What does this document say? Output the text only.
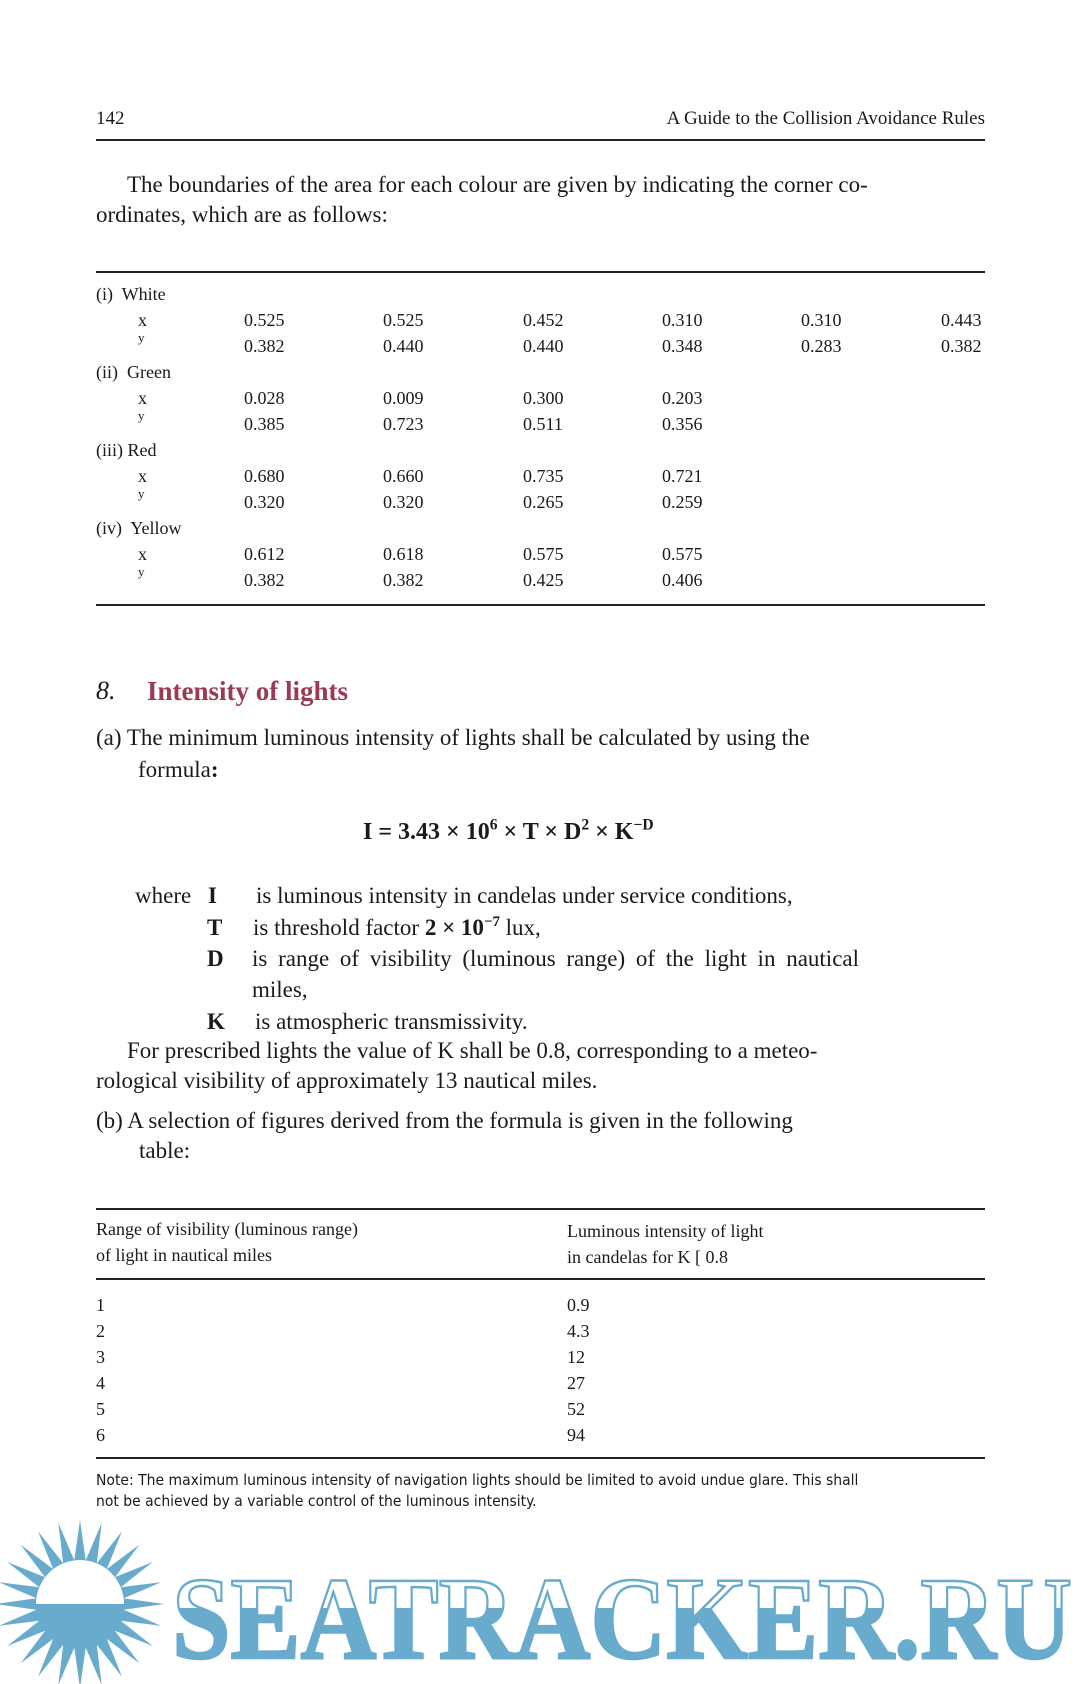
142	A Guide to the Collision Avoidance Rules
The boundaries of the area for each colour are given by indicating the corner co-
ordinates, which are as follows:
(i)  White
x	0.525	0.525	0.452	0.310	0.310	0.443
y	0.382	0.440	0.440	0.348	0.283	0.382
(ii)  Green
x	0.028	0.009	0.300	0.203
y	0.385	0.723	0.511	0.356
(iii) Red
x	0.680	0.660	0.735	0.721
y	0.320	0.320	0.265	0.259
(iv)  Yellow
x	0.612	0.618	0.575	0.575
y	0.382	0.382	0.425	0.406
8. Intensity of lights
(a) The minimum luminous intensity of lights shall be calculated by using the
formula:
$I = 3.43 \times 10^6 \times T \times D^2 \times K^{-D}$
where I is luminous intensity in candelas under service conditions,
T is threshold factor $2 \times 10^{-7}$ lux,
D is range of visibility (luminous range) of the light in nautical
miles,
K is atmospheric transmissivity.
For prescribed lights the value of K shall be 0.8, corresponding to a meteo-
rological visibility of approximately 13 nautical miles.
(b) A selection of figures derived from the formula is given in the following
table:
Range of visibility (luminous range)
of light in nautical miles
Luminous intensity of light
in candelas for K [ 0.8
1	0.9
2	4.3
3	12
4	27
5	52
6	94
Note: The maximum luminous intensity of navigation lights should be limited to avoid undue glare. This shall
not be achieved by a variable control of the luminous intensity.
SEATRACKER.RU
